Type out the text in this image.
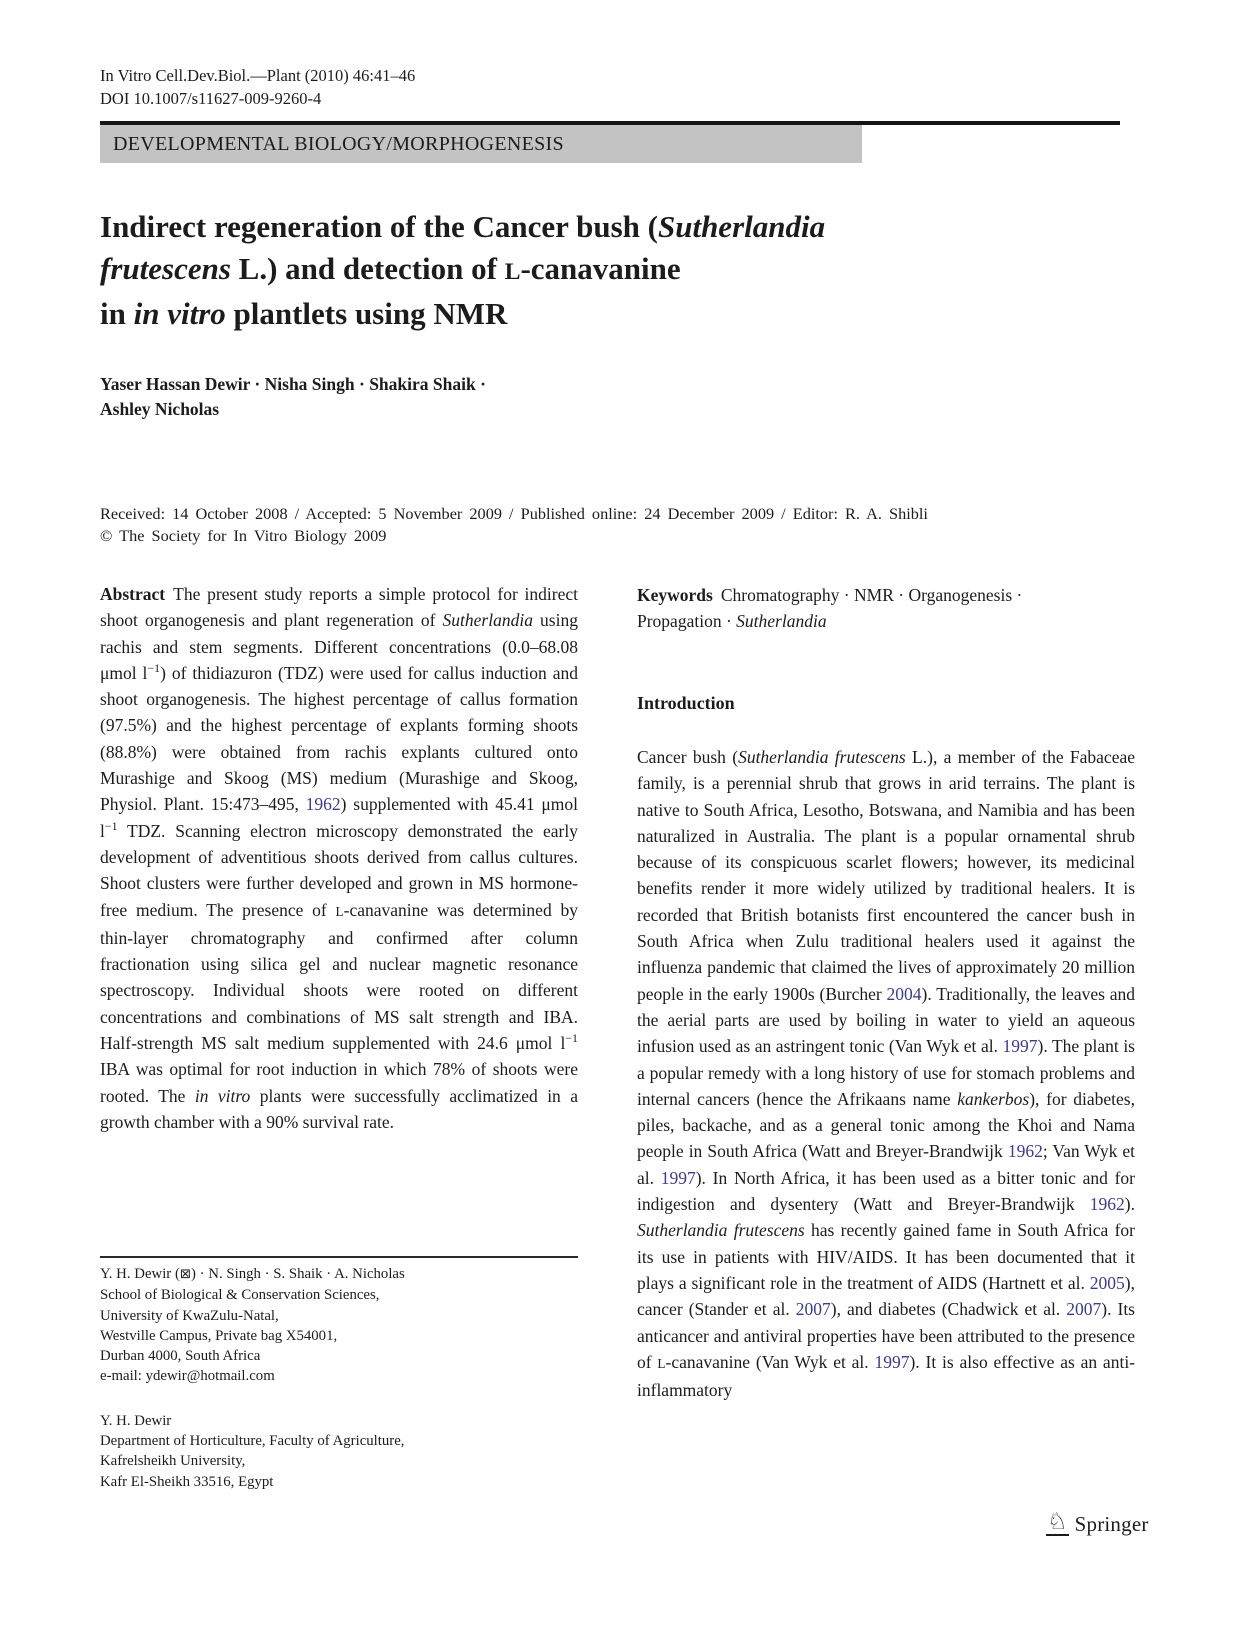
In Vitro Cell.Dev.Biol.—Plant (2010) 46:41–46
DOI 10.1007/s11627-009-9260-4
DEVELOPMENTAL BIOLOGY/MORPHOGENESIS
Indirect regeneration of the Cancer bush (Sutherlandia
frutescens L.) and detection of L-canavanine
in in vitro plantlets using NMR
Yaser Hassan Dewir · Nisha Singh · Shakira Shaik ·
Ashley Nicholas
Received: 14 October 2008 / Accepted: 5 November 2009 / Published online: 24 December 2009 / Editor: R. A. Shibli
© The Society for In Vitro Biology 2009

Abstract The present study reports a simple protocol for indirect shoot organogenesis and plant regeneration of Sutherlandia using rachis and stem segments. Different concentrations (0.0–68.08 μmol $l^{-1}$) of thidiazuron (TDZ) were used for callus induction and shoot organogenesis. The highest percentage of callus formation (97.5%) and the highest percentage of explants forming shoots (88.8%) were obtained from rachis explants cultured onto Murashige and Skoog (MS) medium (Murashige and Skoog, Physiol. Plant. 15:473–495, 1962) supplemented with 45.41 μmol $l^{-1}$ TDZ. Scanning electron microscopy demonstrated the early development of adventitious shoots derived from callus cultures. Shoot clusters were further developed and grown in MS hormone-free medium. The presence of L-canavanine was determined by thin-layer chromatography and confirmed after column fractionation using silica gel and nuclear magnetic resonance spectroscopy. Individual shoots were rooted on different concentrations and combinations of MS salt strength and IBA. Half-strength MS salt medium supplemented with 24.6 μmol $l^{-1}$ IBA was optimal for root induction in which 78% of shoots were rooted. The in vitro plants were successfully acclimatized in a growth chamber with a 90% survival rate.

Keywords Chromatography · NMR · Organogenesis ·
Propagation · Sutherlandia

Introduction

Cancer bush (Sutherlandia frutescens L.), a member of the Fabaceae family, is a perennial shrub that grows in arid terrains. The plant is native to South Africa, Lesotho, Botswana, and Namibia and has been naturalized in Australia. The plant is a popular ornamental shrub because of its conspicuous scarlet flowers; however, its medicinal benefits render it more widely utilized by traditional healers. It is recorded that British botanists first encountered the cancer bush in South Africa when Zulu traditional healers used it against the influenza pandemic that claimed the lives of approximately 20 million people in the early 1900s (Burcher 2004). Traditionally, the leaves and the aerial parts are used by boiling in water to yield an aqueous infusion used as an astringent tonic (Van Wyk et al. 1997). The plant is a popular remedy with a long history of use for stomach problems and internal cancers (hence the Afrikaans name kankerbos), for diabetes, piles, backache, and as a general tonic among the Khoi and Nama people in South Africa (Watt and Breyer-Brandwijk 1962; Van Wyk et al. 1997). In North Africa, it has been used as a bitter tonic and for indigestion and dysentery (Watt and Breyer-Brandwijk 1962). Sutherlandia frutescens has recently gained fame in South Africa for its use in patients with HIV/AIDS. It has been documented that it plays a significant role in the treatment of AIDS (Hartnett et al. 2005), cancer (Stander et al. 2007), and diabetes (Chadwick et al. 2007). Its anticancer and antiviral properties have been attributed to the presence of L-canavanine (Van Wyk et al. 1997). It is also effective as an anti-inflammatory

Y. H. Dewir (⊠) · N. Singh · S. Shaik · A. Nicholas
School of Biological & Conservation Sciences,
University of KwaZulu-Natal,
Westville Campus, Private bag X54001,
Durban 4000, South Africa
e-mail: ydewir@hotmail.com
Y. H. Dewir
Department of Horticulture, Faculty of Agriculture,
Kafrelsheikh University,
Kafr El-Sheikh 33516, Egypt
♘ Springer
